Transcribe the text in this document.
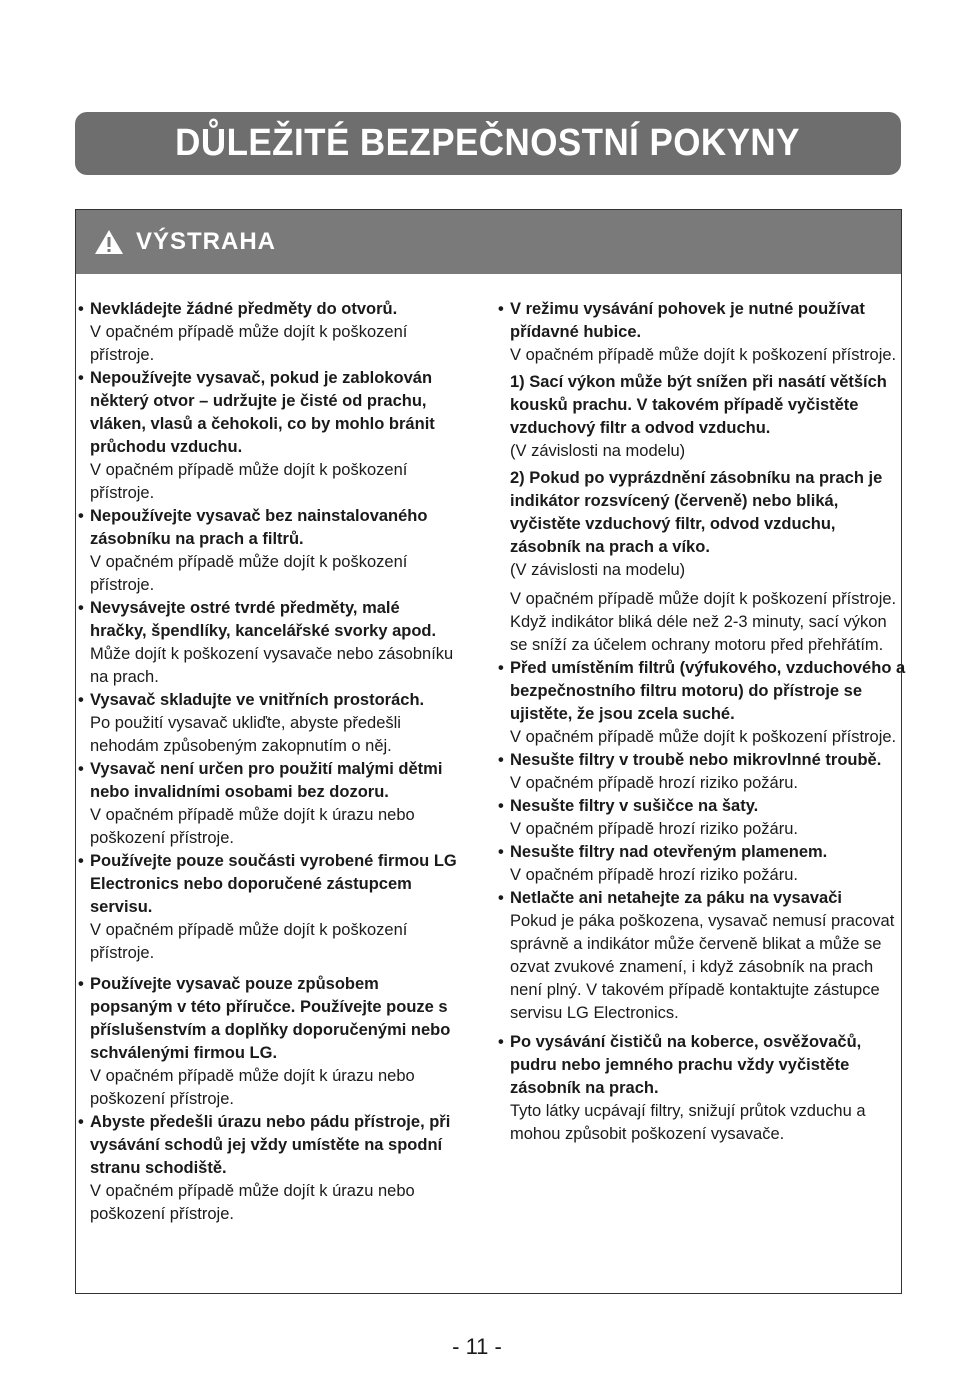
DŮLEŽITÉ BEZPEČNOSTNÍ POKYNY
VÝSTRAHA
• Nevkládejte žádné předměty do otvorů.
V opačném případě může dojít k poškození přístroje.
• Nepoužívejte vysavač, pokud je zablokován některý otvor – udržujte je čisté od prachu, vláken, vlasů a čehokoli, co by mohlo bránit průchodu vzduchu.
V opačném případě může dojít k poškození přístroje.
• Nepoužívejte vysavač bez nainstalovaného zásobníku na prach a filtrů.
V opačném případě může dojít k poškození přístroje.
• Nevysávejte ostré tvrdé předměty, malé hračky, špendlíky, kancelářské svorky apod.
Může dojít k poškození vysavače nebo zásobníku na prach.
• Vysavač skladujte ve vnitřních prostorách.
Po použití vysavač ukliďte, abyste předešli nehodám způsobeným zakopnutím o něj.
• Vysavač není určen pro použití malými dětmi nebo invalidními osobami bez dozoru.
V opačném případě může dojít k úrazu nebo poškození přístroje.
• Používejte pouze součásti vyrobené firmou LG Electronics nebo doporučené zástupcem servisu.
V opačném případě může dojít k poškození přístroje.
• Používejte vysavač pouze způsobem popsaným v této příručce. Používejte pouze s příslušenstvím a doplňky doporučenými nebo schválenými firmou LG.
V opačném případě může dojít k úrazu nebo poškození přístroje.
• Abyste předešli úrazu nebo pádu přístroje, při vysávání schodů jej vždy umístěte na spodní stranu schodiště.
V opačném případě může dojít k úrazu nebo poškození přístroje.
• V režimu vysávání pohovek je nutné používat přídavné hubice.
V opačném případě může dojít k poškození přístroje.
1) Sací výkon může být snížen při nasátí větších kousků prachu. V takovém případě vyčistěte vzduchový filtr a odvod vzduchu.
(V závislosti na modelu)
2) Pokud po vyprázdnění zásobníku na prach je indikátor rozsvícený (červeně) nebo bliká, vyčistěte vzduchový filtr, odvod vzduchu, zásobník na prach a víko.
(V závislosti na modelu)
V opačném případě může dojít k poškození přístroje. Když indikátor bliká déle než 2-3 minuty, sací výkon se sníží za účelem ochrany motoru před přehřátím.
• Před umístěním filtrů (výfukového, vzduchového a bezpečnostního filtru motoru) do přístroje se ujistěte, že jsou zcela suché.
V opačném případě může dojít k poškození přístroje.
• Nesušte filtry v troubě nebo mikrovlnné troubě.
V opačném případě hrozí riziko požáru.
• Nesušte filtry v sušičce na šaty.
V opačném případě hrozí riziko požáru.
• Nesušte filtry nad otevřeným plamenem.
V opačném případě hrozí riziko požáru.
• Netlačte ani netahejte za páku na vysavači
Pokud je páka poškozena, vysavač nemusí pracovat správně a indikátor může červeně blikat a může se ozvat zvukové znamení, i když zásobník na prach není plný. V takovém případě kontaktujte zástupce servisu LG Electronics.
• Po vysávání čističů na koberce, osvěžovačů, pudru nebo jemného prachu vždy vyčistěte zásobník na prach.
Tyto látky ucpávají filtry, snižují průtok vzduchu a mohou způsobit poškození vysavače.
- 11 -
